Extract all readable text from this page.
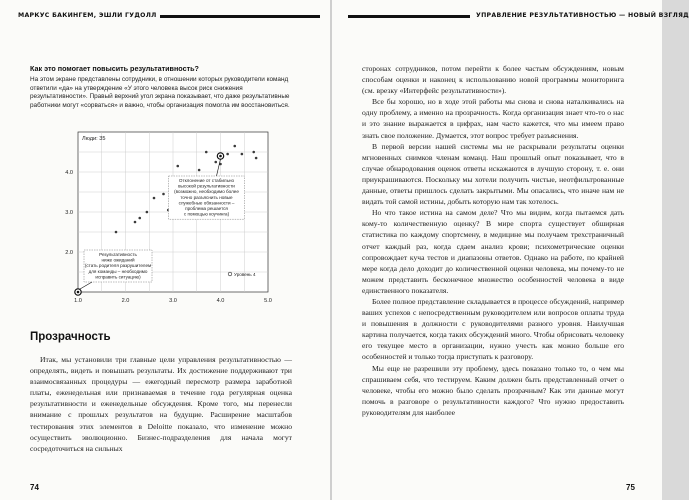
МАРКУС БАКИНГЕМ, ЭШЛИ ГУДОЛЛ
Как это помогает повысить результативность?
На этом экране представлены сотрудники, в отношении которых руководители команд ответили «да» на утверждение «У этого человека высок риск снижения результативности». Правый верхний угол экрана показывает, что даже результативные работники могут «сорваться» и важно, чтобы организация помогла им восстановиться.
1.0	2.0	3.0	4.0	5.0
2.0
3.0
4.0
Люди: 35
Отклонение от стабильно
высокой результативности
(возможно, необходимо более
точно разъяснить новые
служебные обязанности –
проблема решается
с помощью коучинга)
Результативность
ниже ожиданий
(стать родителя разрушителем
для команды – необходимо
исправить ситуацию)	Уровень 4
Прозрачность

Итак, мы установили три главные цели управления результативностью — определять, видеть и повышать результаты. Их достижение поддерживают три взаимосвязанных процедуры — ежегодный пересмотр размера заработной платы, еженедельная или признаваемая в течение года регулярная оценка результативности и еженедельные обсуждения. Кроме того, мы перенесли внимание с прошлых результатов на будущие. Расширение масштабов тестирования этих элементов в Deloitte показало, что изменение можно осуществить эволюционно. Бизнес-подразделения для начала могут сосредоточиться на сильных

74
УПРАВЛЕНИЕ РЕЗУЛЬТАТИВНОСТЬЮ — НОВЫЙ ВЗГЛЯД

сторонах сотрудников, потом перейти к более частым обсуждениям, новым способам оценки и наконец к использованию новой программы мониторинга (см. врезку «Интерфейс результативности»).

Все бы хорошо, но в ходе этой работы мы снова и снова наталкивались на одну проблему, а именно на прозрачность. Когда организация знает что-то о нас и это знание выражается в цифрах, нам часто кажется, что мы имеем право знать свое положение. Думается, этот вопрос требует разъяснения.

В первой версии нашей системы мы не раскрывали результаты оценки мгновенных снимков членам команд. Наш прошлый опыт показывает, что в случае обнародования оценок ответы искажаются в лучшую сторону, т. е. они приукрашиваются. Поскольку мы хотели получить чистые, неотфильтрованные данные, ответы пришлось сделать закрытыми. Мы опасались, что иначе нам не видать той самой истины, добыть которую нам так хотелось.

Но что такое истина на самом деле? Что мы видим, когда пытаемся дать кому-то количественную оценку? В мире спорта существует обширная статистика по каждому спортсмену, в медицине мы получаем трехстраничный отчет каждый раз, когда сдаем анализ крови; психометрические оценки сопровождает куча тестов и диапазоны ответов. Однако на работе, по крайней мере когда дело доходит до количественной оценки человека, мы почему-то не можем представить бесконечное множество особенностей человека в виде единственного показателя.

Более полное представление складывается в процессе обсуждений, например ваших успехов с непосредственным руководителем или вопросов оплаты труда и повышения в должности с руководителями разного уровня. Наилучшая картина получается, когда таких обсуждений много. Чтобы обрисовать человеку его текущее место в организации, нужно учесть как можно больше его особенностей и только тогда приступать к разговору.

Мы еще не разрешили эту проблему, здесь показано только то, о чем мы спрашиваем себя, что тестируем. Каким должен быть представленный отчет о человеке, чтобы его можно было сделать прозрачным? Как эти данные могут помочь в разговоре о результативности каждого? Что нужно предоставить руководителям для наиболее

75
